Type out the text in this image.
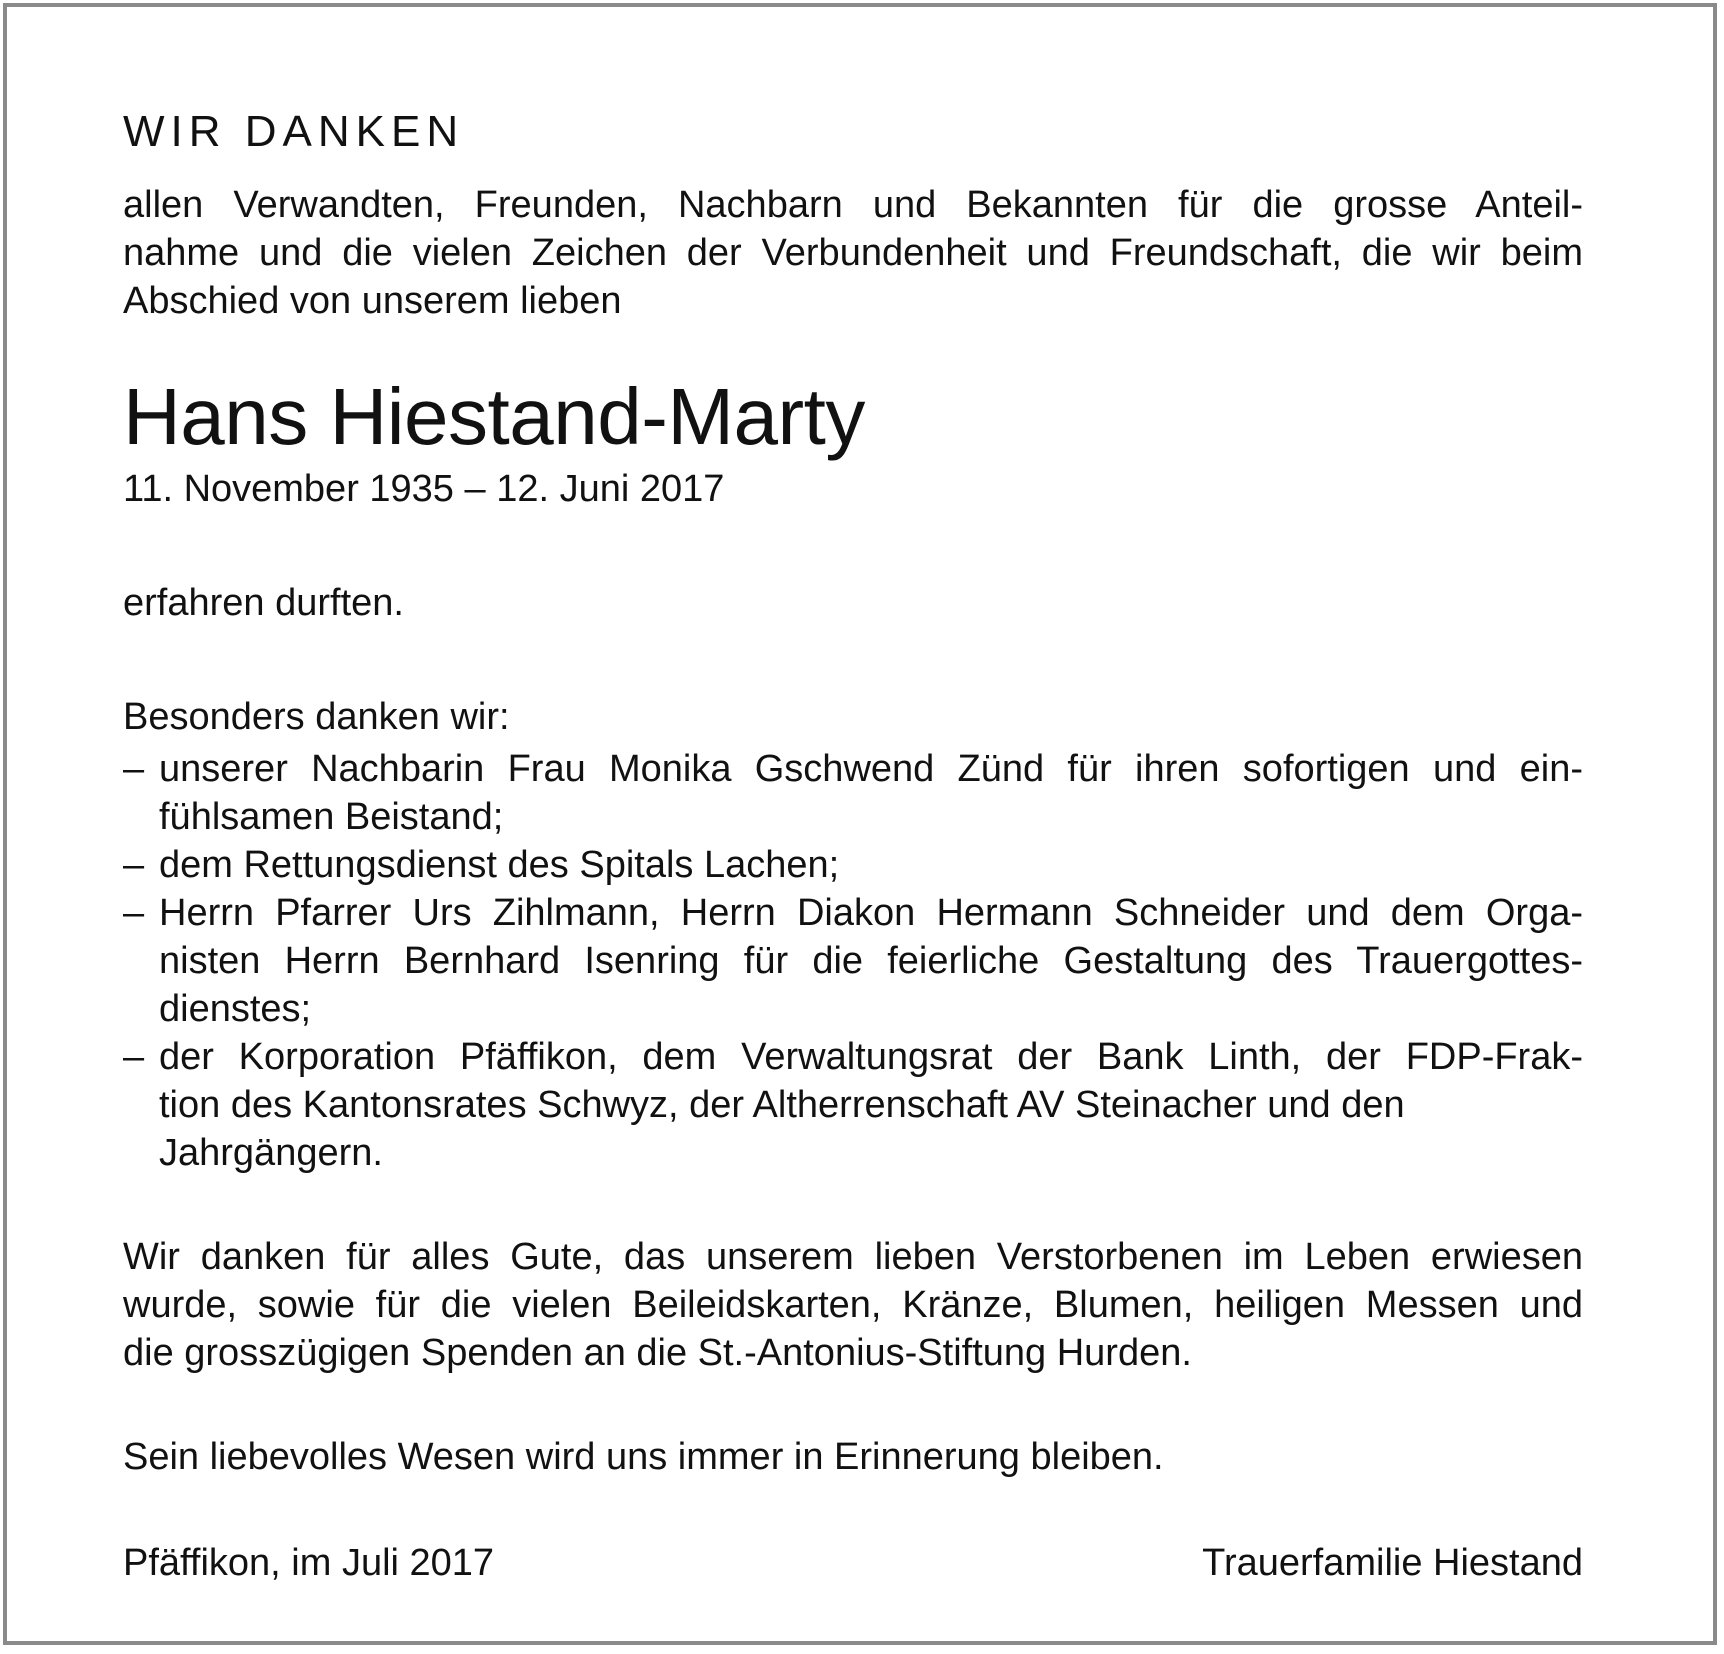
WIR DANKEN

allen Verwandten, Freunden, Nachbarn und Bekannten für die grosse Anteil-
nahme und die vielen Zeichen der Verbundenheit und Freundschaft, die wir beim
Abschied von unserem lieben

Hans Hiestand-Marty

11. November 1935 – 12. Juni 2017

erfahren durften.

Besonders danken wir:

– unserer Nachbarin Frau Monika Gschwend Zünd für ihren sofortigen und ein-
fühlsamen Beistand;
– dem Rettungsdienst des Spitals Lachen;
– Herrn Pfarrer Urs Zihlmann, Herrn Diakon Hermann Schneider und dem Orga-
nisten Herrn Bernhard Isenring für die feierliche Gestaltung des Trauergottes-
dienstes;
– der Korporation Pfäffikon, dem Verwaltungsrat der Bank Linth, der FDP-Frak-
tion des Kantonsrates Schwyz, der Altherrenschaft AV Steinacher und den
Jahrgängern.

Wir danken für alles Gute, das unserem lieben Verstorbenen im Leben erwiesen
wurde, sowie für die vielen Beileidskarten, Kränze, Blumen, heiligen Messen und
die grosszügigen Spenden an die St.-Antonius-Stiftung Hurden.

Sein liebevolles Wesen wird uns immer in Erinnerung bleiben.

Pfäffikon, im Juli 2017	Trauerfamilie Hiestand
